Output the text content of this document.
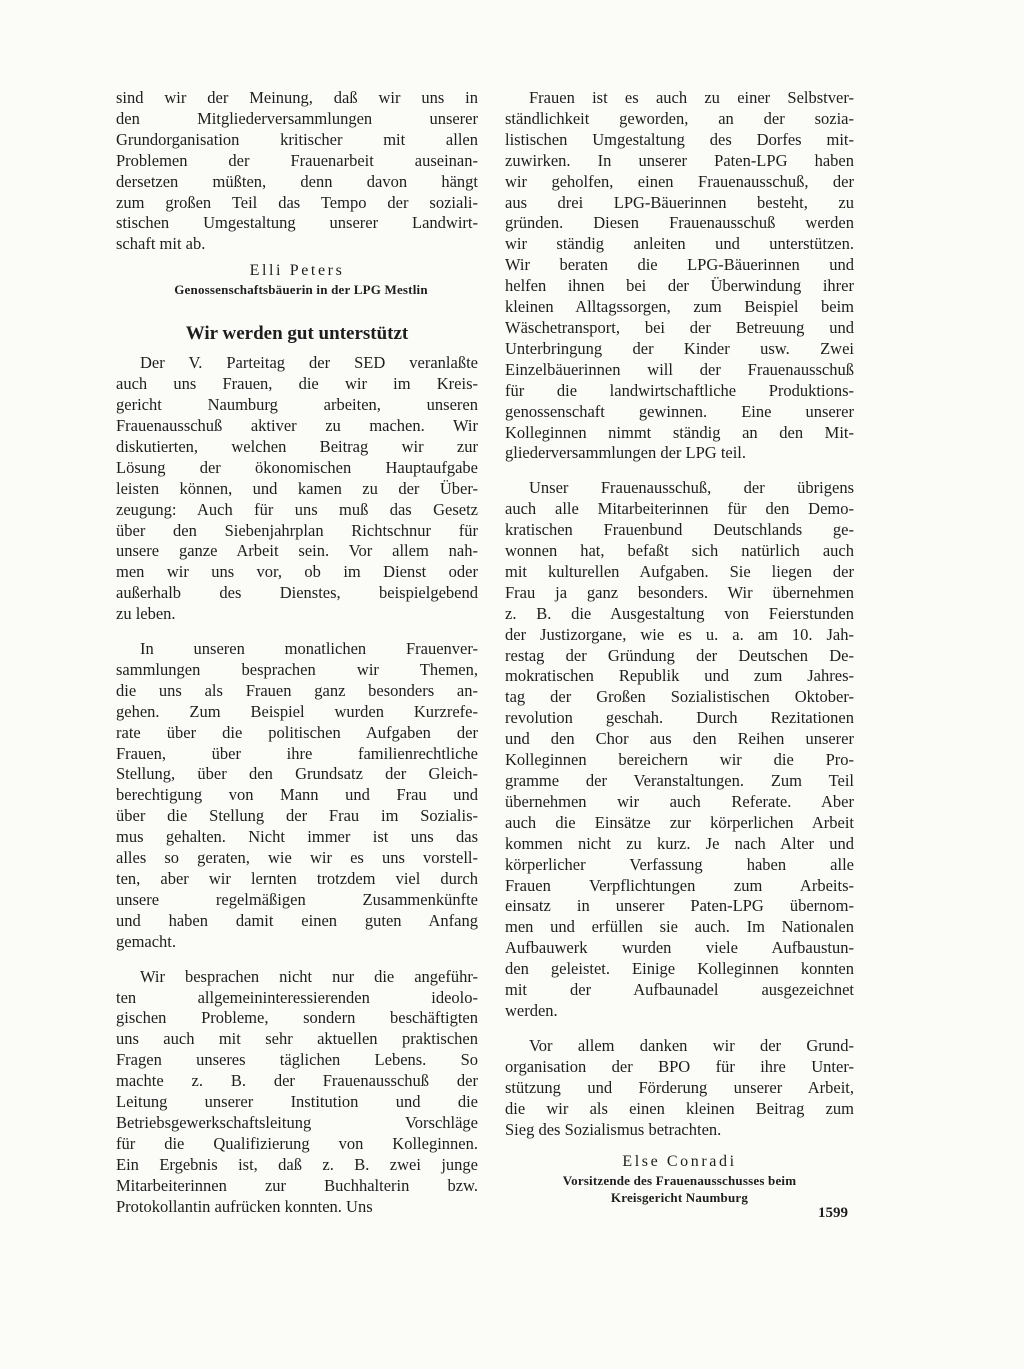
sind wir der Meinung, daß wir uns in
den Mitgliederversammlungen unserer
Grundorganisation kritischer mit allen
Problemen der Frauenarbeit auseinan-
dersetzen müßten, denn davon hängt
zum großen Teil das Tempo der soziali-
stischen Umgestaltung unserer Landwirt-
schaft mit ab.
Elli Peters
Genossenschaftsbäuerin in der LPG Mestlin
Wir werden gut unterstützt
Der V. Parteitag der SED veranlaßte
auch uns Frauen, die wir im Kreis-
gericht Naumburg arbeiten, unseren
Frauenausschuß aktiver zu machen. Wir
diskutierten, welchen Beitrag wir zur
Lösung der ökonomischen Hauptaufgabe
leisten können, und kamen zu der Über-
zeugung: Auch für uns muß das Gesetz
über den Siebenjahrplan Richtschnur für
unsere ganze Arbeit sein. Vor allem nah-
men wir uns vor, ob im Dienst oder
außerhalb des Dienstes, beispielgebend
zu leben.
In unseren monatlichen Frauenver-
sammlungen besprachen wir Themen,
die uns als Frauen ganz besonders an-
gehen. Zum Beispiel wurden Kurzrefe-
rate über die politischen Aufgaben der
Frauen, über ihre familienrechtliche
Stellung, über den Grundsatz der Gleich-
berechtigung von Mann und Frau und
über die Stellung der Frau im Sozialis-
mus gehalten. Nicht immer ist uns das
alles so geraten, wie wir es uns vorstell-
ten, aber wir lernten trotzdem viel durch
unsere regelmäßigen Zusammenkünfte
und haben damit einen guten Anfang
gemacht.
Wir besprachen nicht nur die angeführ-
ten allgemeininteressierenden ideolo-
gischen Probleme, sondern beschäftigten
uns auch mit sehr aktuellen praktischen
Fragen unseres täglichen Lebens. So
machte z. B. der Frauenausschuß der
Leitung unserer Institution und die
Betriebsgewerkschaftsleitung Vorschläge
für die Qualifizierung von Kolleginnen.
Ein Ergebnis ist, daß z. B. zwei junge
Mitarbeiterinnen zur Buchhalterin bzw.
Protokollantin aufrücken konnten. Uns
Frauen ist es auch zu einer Selbstver-
ständlichkeit geworden, an der sozia-
listischen Umgestaltung des Dorfes mit-
zuwirken. In unserer Paten-LPG haben
wir geholfen, einen Frauenausschuß, der
aus drei LPG-Bäuerinnen besteht, zu
gründen. Diesen Frauenausschuß werden
wir ständig anleiten und unterstützen.
Wir beraten die LPG-Bäuerinnen und
helfen ihnen bei der Überwindung ihrer
kleinen Alltagssorgen, zum Beispiel beim
Wäschetransport, bei der Betreuung und
Unterbringung der Kinder usw. Zwei
Einzelbäuerinnen will der Frauenausschuß
für die landwirtschaftliche Produktions-
genossenschaft gewinnen. Eine unserer
Kolleginnen nimmt ständig an den Mit-
gliederversammlungen der LPG teil.
Unser Frauenausschuß, der übrigens
auch alle Mitarbeiterinnen für den Demo-
kratischen Frauenbund Deutschlands ge-
wonnen hat, befaßt sich natürlich auch
mit kulturellen Aufgaben. Sie liegen der
Frau ja ganz besonders. Wir übernehmen
z. B. die Ausgestaltung von Feierstunden
der Justizorgane, wie es u. a. am 10. Jah-
restag der Gründung der Deutschen De-
mokratischen Republik und zum Jahres-
tag der Großen Sozialistischen Oktober-
revolution geschah. Durch Rezitationen
und den Chor aus den Reihen unserer
Kolleginnen bereichern wir die Pro-
gramme der Veranstaltungen. Zum Teil
übernehmen wir auch Referate. Aber
auch die Einsätze zur körperlichen Arbeit
kommen nicht zu kurz. Je nach Alter und
körperlicher Verfassung haben alle
Frauen Verpflichtungen zum Arbeits-
einsatz in unserer Paten-LPG übernom-
men und erfüllen sie auch. Im Nationalen
Aufbauwerk wurden viele Aufbaustun-
den geleistet. Einige Kolleginnen konnten
mit der Aufbaunadel ausgezeichnet
werden.
Vor allem danken wir der Grund-
organisation der BPO für ihre Unter-
stützung und Förderung unserer Arbeit,
die wir als einen kleinen Beitrag zum
Sieg des Sozialismus betrachten.
Else Conradi
Vorsitzende des Frauenausschusses beim
Kreisgericht Naumburg
1599
